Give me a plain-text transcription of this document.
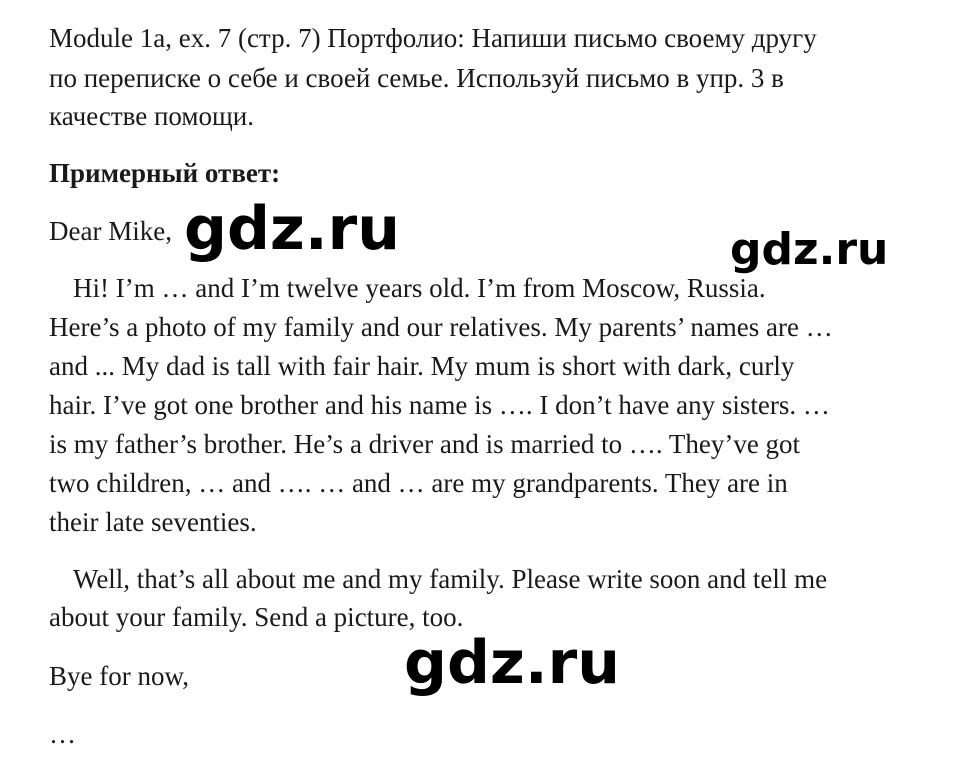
Module 1a, ex. 7 (стр. 7) Портфолио: Напиши письмо своему другу
по переписке о себе и своей семье. Используй письмо в упр. 3 в
качестве помощи.
Примерный ответ:
Dear Mike,
Hi! I’m … and I’m twelve years old. I’m from Moscow, Russia.
Here’s a photo of my family and our relatives. My parents’ names are …
and ... My dad is tall with fair hair. My mum is short with dark, curly
hair. I’ve got one brother and his name is …. I don’t have any sisters. …
is my father’s brother. He’s a driver and is married to …. They’ve got
two children, … and …. … and … are my grandparents. They are in
their late seventies.
Well, that’s all about me and my family. Please write soon and tell me
about your family. Send a picture, too.
Bye for now,
…
gdz.ru	gdz.ru
gdz.ru
